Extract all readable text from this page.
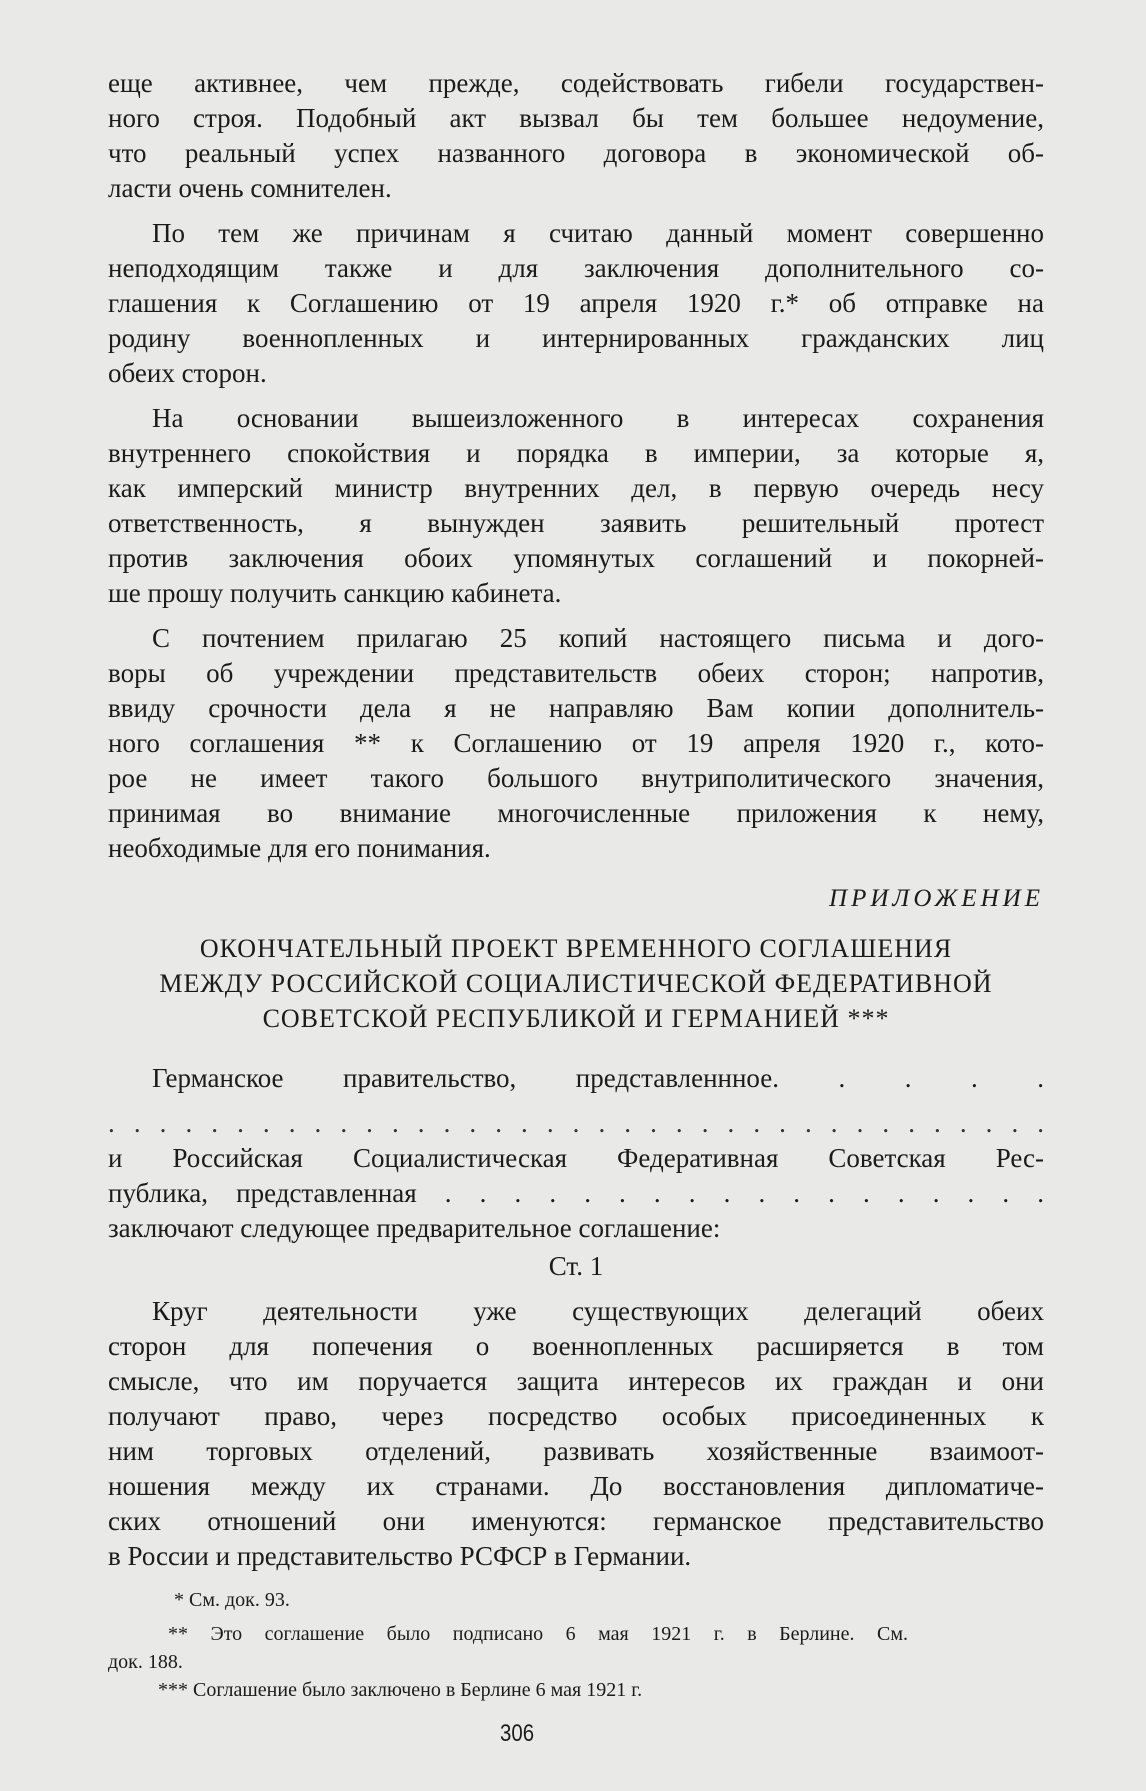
еще активнее, чем прежде, содействовать гибели государствен-
ного строя. Подобный акт вызвал бы тем большее недоумение,
что реальный успех названного договора в экономической об-
ласти очень сомнителен.
По тем же причинам я считаю данный момент совершенно
неподходящим также и для заключения дополнительного со-
глашения к Соглашению от 19 апреля 1920 г.* об отправке на
родину военнопленных и интернированных гражданских лиц
обеих сторон.
На основании вышеизложенного в интересах сохранения
внутреннего спокойствия и порядка в империи, за которые я,
как имперский министр внутренних дел, в первую очередь несу
ответственность, я вынужден заявить решительный протест
против заключения обоих упомянутых соглашений и покорней-
ше прошу получить санкцию кабинета.
С почтением прилагаю 25 копий настоящего письма и дого-
воры об учреждении представительств обеих сторон; напротив,
ввиду срочности дела я не направляю Вам копии дополнитель-
ного соглашения ** к Соглашению от 19 апреля 1920 г., кото-
рое не имеет такого большого внутриполитического значения,
принимая во внимание многочисленные приложения к нему,
необходимые для его понимания.
ПРИЛОЖЕНИЕ
ОКОНЧАТЕЛЬНЫЙ ПРОЕКТ ВРЕМЕННОГО СОГЛАШЕНИЯ
МЕЖДУ РОССИЙСКОЙ СОЦИАЛИСТИЧЕСКОЙ ФЕДЕРАТИВНОЙ
СОВЕТСКОЙ РЕСПУБЛИКОЙ И ГЕРМАНИЕЙ ***
Германское правительство, представленнное. . . . .
. . . . . . . . . . . . . . . . . . . . . . . . . . . . . . . . . . . . .
и Российская Социалистическая Федеративная Советская Рес-
публика, представленная . . . . . . . . . . . . . . . . . .
заключают следующее предварительное соглашение:
Ст. 1
Круг деятельности уже существующих делегаций обеих
сторон для попечения о военнопленных расширяется в том
смысле, что им поручается защита интересов их граждан и они
получают право, через посредство особых присоединенных к
ним торговых отделений, развивать хозяйственные взаимоот-
ношения между их странами. До восстановления дипломатиче-
ских отношений они именуются: германское представительство
в России и представительство РСФСР в Германии.
* См. док. 93.
** Это соглашение было подписано 6 мая 1921 г. в Берлине. См.
док. 188.
*** Соглашение было заключено в Берлине 6 мая 1921 г.
306
